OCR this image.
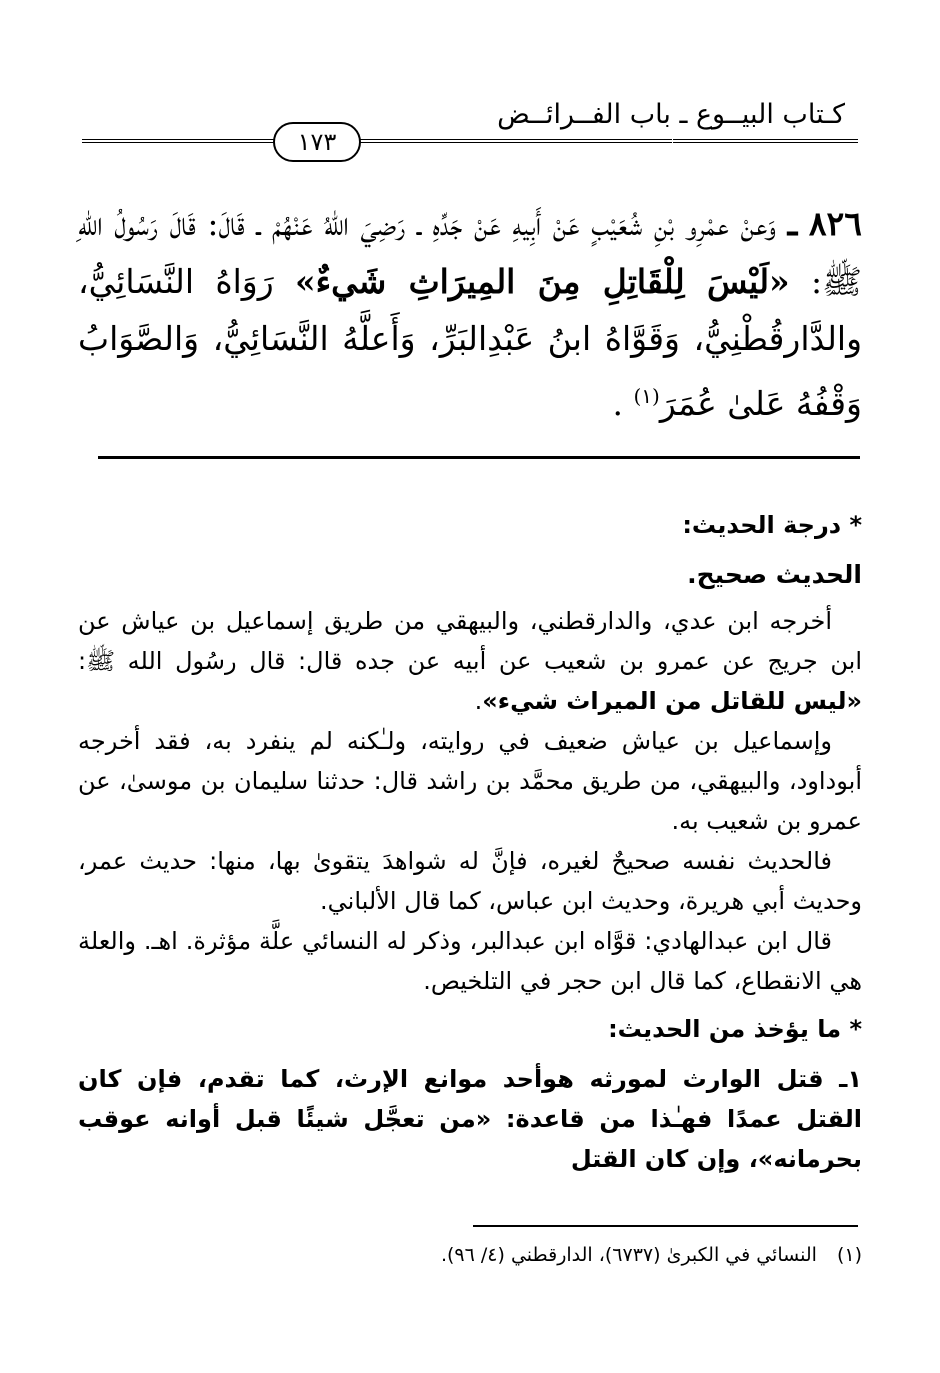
كـتاب البيــوع ـ باب الفــرائــض
١٧٣
٨٢٦ ـ وَعنْ عمْرِو بْنِ شُعَيْبٍ عَنْ أَبِيهِ عَنْ جَدِّهِ ـ رَضِيَ اللهُ عَنْهُمْ ـ قَالَ: قَالَ رَسُولُ اللهِ ﷺ: «لَيْسَ لِلْقَاتِلِ مِنَ المِيرَاثِ شَيءٌ» رَوَاهُ النَّسَائِيُّ، والدَّارقُطْنِيُّ، وَقَوَّاهُ ابنُ عَبْدِالبَرِّ، وَأَعلَّهُ النَّسَائِيُّ، وَالصَّوَابُ وَقْفُهُ عَلىٰ عُمَرَ$^{(١)}$ .

* درجة الحديث:

الحديث صحيح.

أخرجه ابن عدي، والدارقطني، والبيهقي من طريق إسماعيل بن عياش عن ابن جريج عن عمرو بن شعيب عن أبيه عن جده قال: قال رسُول الله ﷺ: «ليس للقاتل من الميراث شيء».

وإسماعيل بن عياش ضعيف في روايته، ولـٰكنه لم ينفرد به، فقد أخرجه أبوداود، والبيهقي، من طريق محمَّد بن راشد قال: حدثنا سليمان بن موسىٰ، عن عمرو بن شعيب به.

فالحديث نفسه صحيحٌ لغيره، فإنَّ له شواهدَ يتقوىٰ بها، منها: حديث عمر، وحديث أبي هريرة، وحديث ابن عباس، كما قال الألباني.

قال ابن عبدالهادي: قوَّاه ابن عبدالبر، وذكر له النسائي علَّة مؤثرة. اهـ. والعلة هي الانقطاع، كما قال ابن حجر في التلخيص.

* ما يؤخذ من الحديث:

١ـ قتل الوارث لمورثه هوأحد موانع الإرث، كما تقدم، فإن كان القتل عمدًا فهـٰذا من قاعدة: «من تعجَّل شيئًا قبل أوانه عوقب بحرمانه»، وإن كان القتل

(١) النسائي في الكبرىٰ (٦٧٣٧)، الدارقطني (٤/ ٩٦).
